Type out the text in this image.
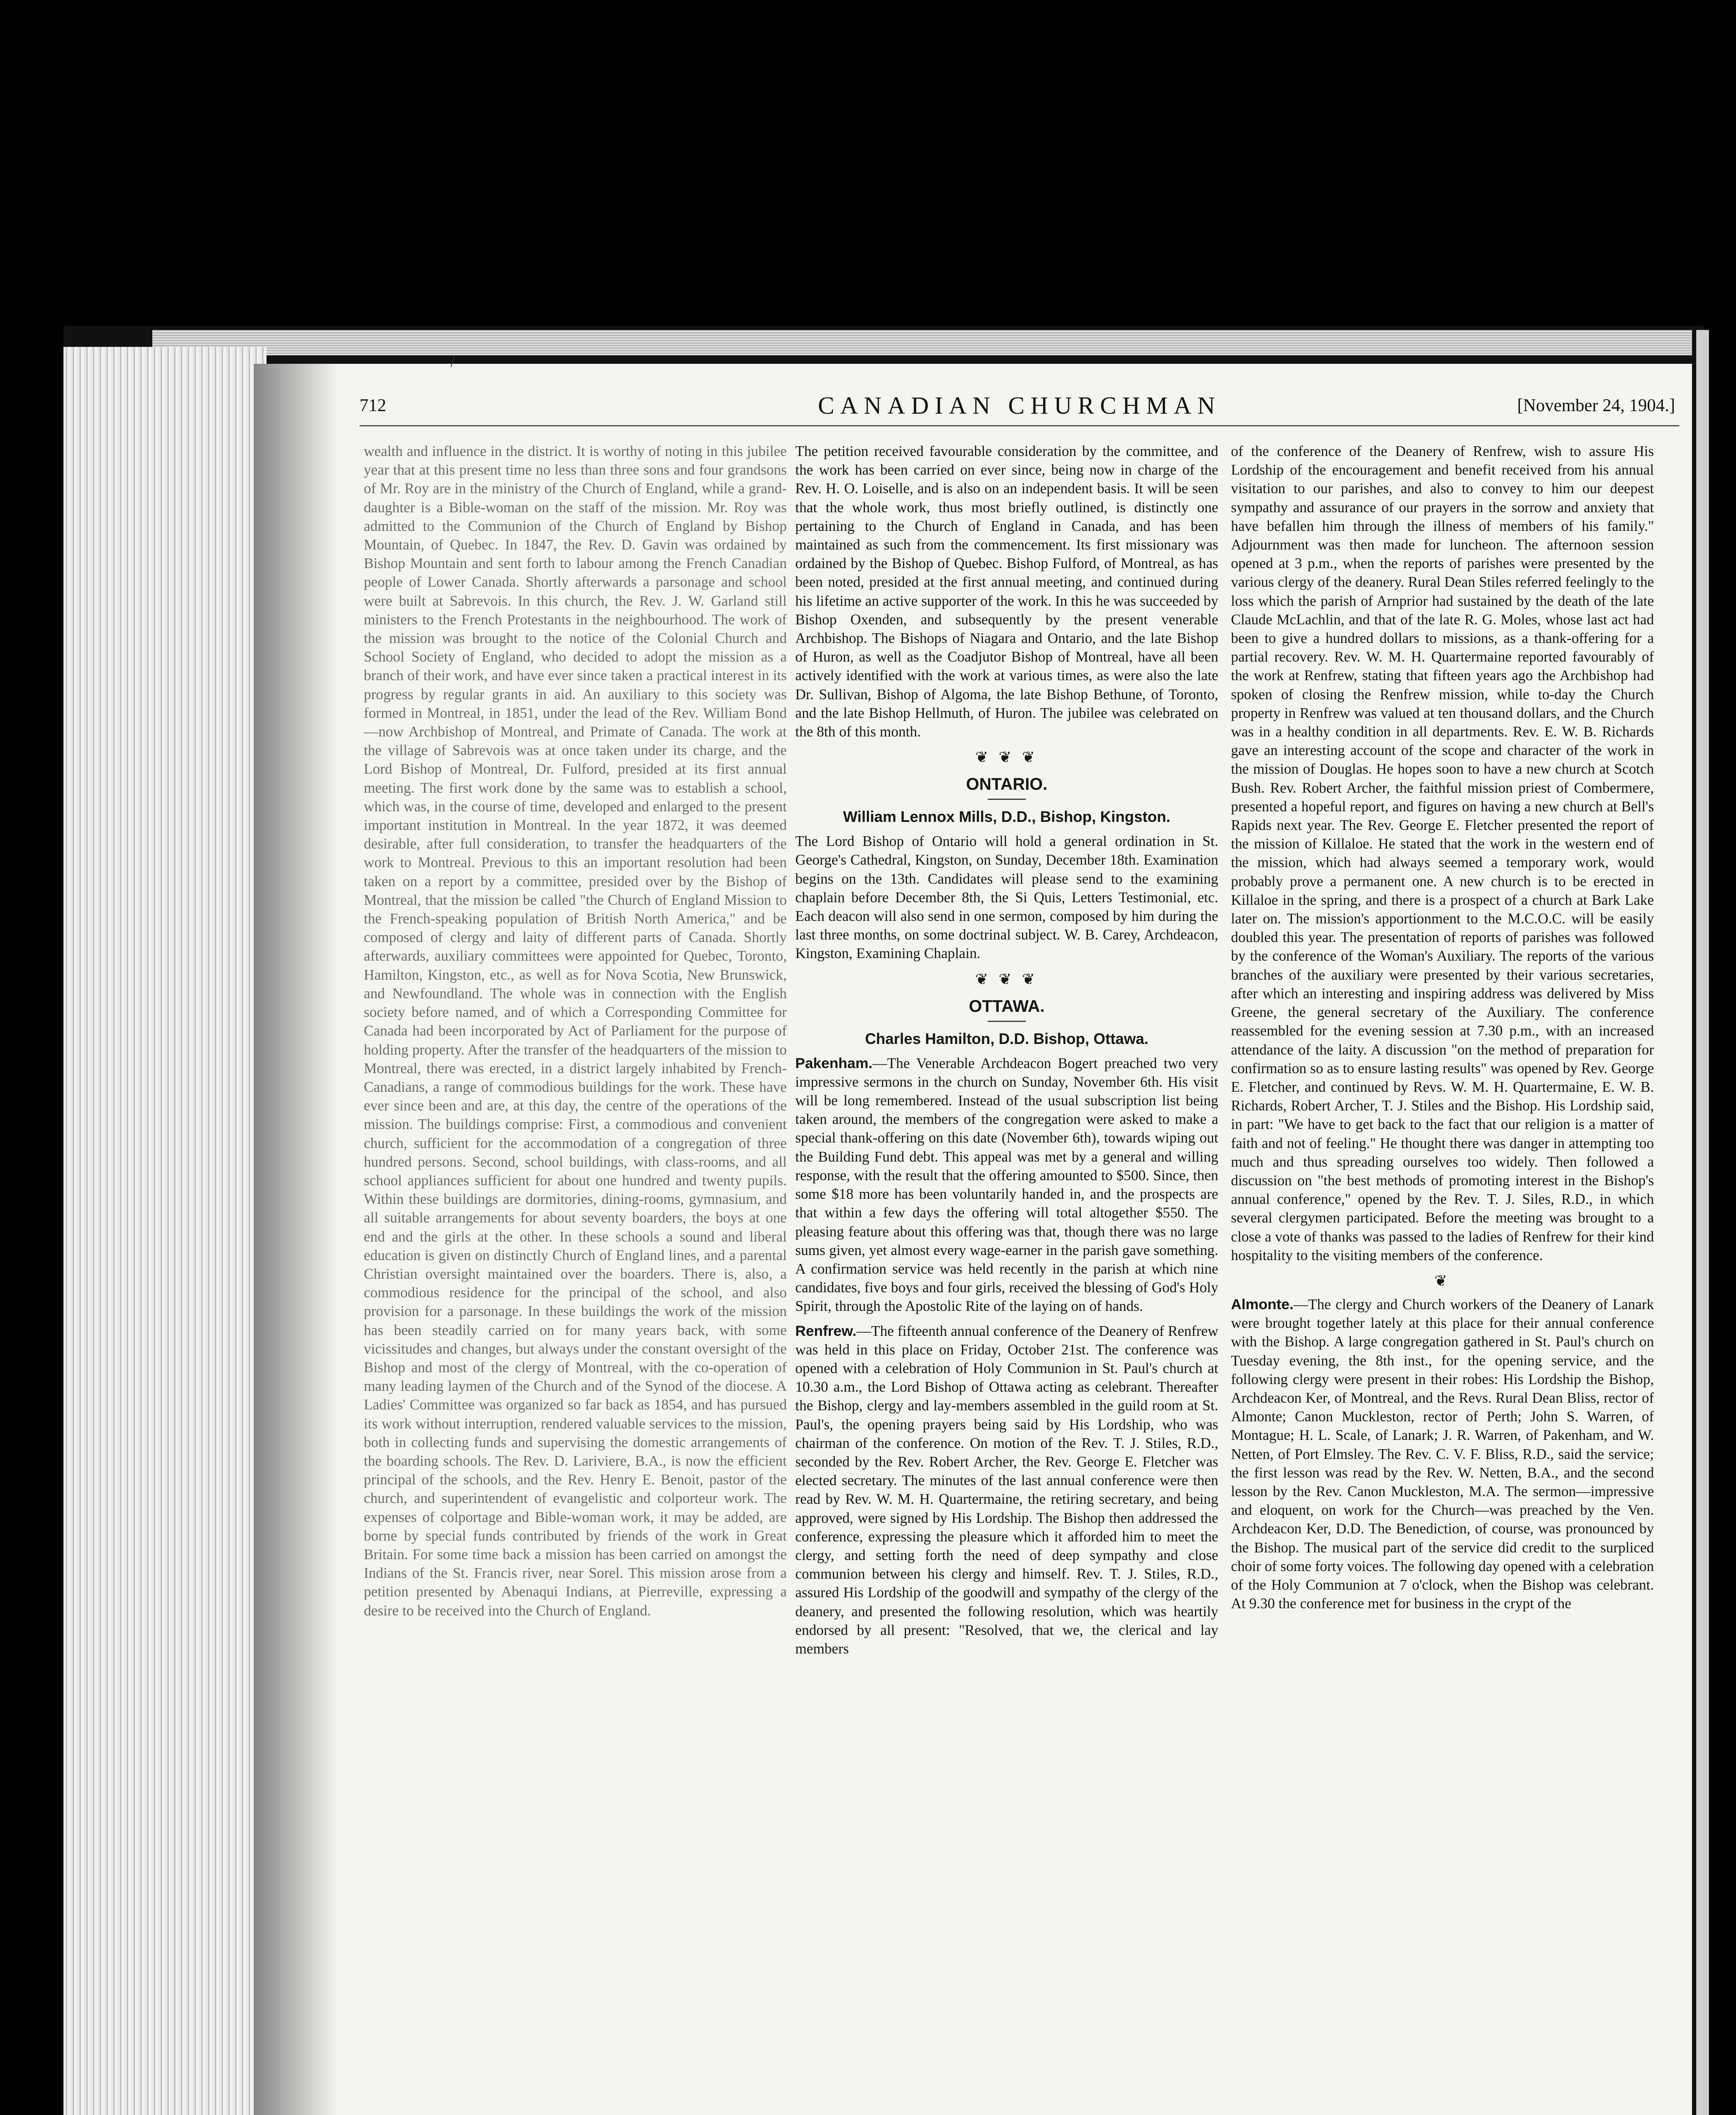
/
712	CANADIAN CHURCHMAN	[November 24, 1904.]

wealth and influence in the district. It is worthy of noting in this jubilee year that at this present time no less than three sons and four grandsons of Mr. Roy are in the ministry of the Church of England, while a grand-daughter is a Bible-woman on the staff of the mission. Mr. Roy was admitted to the Communion of the Church of England by Bishop Mountain, of Quebec. In 1847, the Rev. D. Gavin was ordained by Bishop Mountain and sent forth to labour among the French Canadian people of Lower Canada. Shortly afterwards a parsonage and school were built at Sabrevois. In this church, the Rev. J. W. Garland still ministers to the French Protestants in the neighbourhood. The work of the mission was brought to the notice of the Colonial Church and School Society of England, who decided to adopt the mission as a branch of their work, and have ever since taken a practical interest in its progress by regular grants in aid. An auxiliary to this society was formed in Montreal, in 1851, under the lead of the Rev. William Bond—now Archbishop of Montreal, and Primate of Canada. The work at the village of Sabrevois was at once taken under its charge, and the Lord Bishop of Montreal, Dr. Fulford, presided at its first annual meeting. The first work done by the same was to establish a school, which was, in the course of time, developed and enlarged to the present important institution in Montreal. In the year 1872, it was deemed desirable, after full consideration, to transfer the headquarters of the work to Montreal. Previous to this an important resolution had been taken on a report by a committee, presided over by the Bishop of Montreal, that the mission be called "the Church of England Mission to the French-speaking population of British North America," and be composed of clergy and laity of different parts of Canada. Shortly afterwards, auxiliary committees were appointed for Quebec, Toronto, Hamilton, Kingston, etc., as well as for Nova Scotia, New Brunswick, and Newfoundland. The whole was in connection with the English society before named, and of which a Corresponding Committee for Canada had been incorporated by Act of Parliament for the purpose of holding property. After the transfer of the headquarters of the mission to Montreal, there was erected, in a district largely inhabited by French-Canadians, a range of commodious buildings for the work. These have ever since been and are, at this day, the centre of the operations of the mission. The buildings comprise: First, a commodious and convenient church, sufficient for the accommodation of a congregation of three hundred persons. Second, school buildings, with class-rooms, and all school appliances sufficient for about one hundred and twenty pupils. Within these buildings are dormitories, dining-rooms, gymnasium, and all suitable arrangements for about seventy boarders, the boys at one end and the girls at the other. In these schools a sound and liberal education is given on distinctly Church of England lines, and a parental Christian oversight maintained over the boarders. There is, also, a commodious residence for the principal of the school, and also provision for a parsonage. In these buildings the work of the mission has been steadily carried on for many years back, with some vicissitudes and changes, but always under the constant oversight of the Bishop and most of the clergy of Montreal, with the co-operation of many leading laymen of the Church and of the Synod of the diocese. A Ladies' Committee was organized so far back as 1854, and has pursued its work without interruption, rendered valuable services to the mission, both in collecting funds and supervising the domestic arrangements of the boarding schools. The Rev. D. Lariviere, B.A., is now the efficient principal of the schools, and the Rev. Henry E. Benoit, pastor of the church, and superintendent of evangelistic and colporteur work. The expenses of colportage and Bible-woman work, it may be added, are borne by special funds contributed by friends of the work in Great Britain. For some time back a mission has been carried on amongst the Indians of the St. Francis river, near Sorel. This mission arose from a petition presented by Abenaqui Indians, at Pierreville, expressing a desire to be received into the Church of England.

The petition received favourable consideration by the committee, and the work has been carried on ever since, being now in charge of the Rev. H. O. Loiselle, and is also on an independent basis. It will be seen that the whole work, thus most briefly outlined, is distinctly one pertaining to the Church of England in Canada, and has been maintained as such from the commencement. Its first missionary was ordained by the Bishop of Quebec. Bishop Fulford, of Montreal, as has been noted, presided at the first annual meeting, and continued during his lifetime an active supporter of the work. In this he was succeeded by Bishop Oxenden, and subsequently by the present venerable Archbishop. The Bishops of Niagara and Ontario, and the late Bishop of Huron, as well as the Coadjutor Bishop of Montreal, have all been actively identified with the work at various times, as were also the late Dr. Sullivan, Bishop of Algoma, the late Bishop Bethune, of Toronto, and the late Bishop Hellmuth, of Huron. The jubilee was celebrated on the 8th of this month.

❦ ❦ ❦
ONTARIO.
William Lennox Mills, D.D., Bishop, Kingston.

The Lord Bishop of Ontario will hold a general ordination in St. George's Cathedral, Kingston, on Sunday, December 18th. Examination begins on the 13th. Candidates will please send to the examining chaplain before December 8th, the Si Quis, Letters Testimonial, etc. Each deacon will also send in one sermon, composed by him during the last three months, on some doctrinal subject. W. B. Carey, Archdeacon, Kingston, Examining Chaplain.

❦ ❦ ❦
OTTAWA.
Charles Hamilton, D.D. Bishop, Ottawa.

Pakenham.—The Venerable Archdeacon Bogert preached two very impressive sermons in the church on Sunday, November 6th. His visit will be long remembered. Instead of the usual subscription list being taken around, the members of the congregation were asked to make a special thank-offering on this date (November 6th), towards wiping out the Building Fund debt. This appeal was met by a general and willing response, with the result that the offering amounted to $500. Since, then some $18 more has been voluntarily handed in, and the prospects are that within a few days the offering will total altogether $550. The pleasing feature about this offering was that, though there was no large sums given, yet almost every wage-earner in the parish gave something. A confirmation service was held recently in the parish at which nine candidates, five boys and four girls, received the blessing of God's Holy Spirit, through the Apostolic Rite of the laying on of hands.

Renfrew.—The fifteenth annual conference of the Deanery of Renfrew was held in this place on Friday, October 21st. The conference was opened with a celebration of Holy Communion in St. Paul's church at 10.30 a.m., the Lord Bishop of Ottawa acting as celebrant. Thereafter the Bishop, clergy and lay-members assembled in the guild room at St. Paul's, the opening prayers being said by His Lordship, who was chairman of the conference. On motion of the Rev. T. J. Stiles, R.D., seconded by the Rev. Robert Archer, the Rev. George E. Fletcher was elected secretary. The minutes of the last annual conference were then read by Rev. W. M. H. Quartermaine, the retiring secretary, and being approved, were signed by His Lordship. The Bishop then addressed the conference, expressing the pleasure which it afforded him to meet the clergy, and setting forth the need of deep sympathy and close communion between his clergy and himself. Rev. T. J. Stiles, R.D., assured His Lordship of the goodwill and sympathy of the clergy of the deanery, and presented the following resolution, which was heartily endorsed by all present: "Resolved, that we, the clerical and lay members

of the conference of the Deanery of Renfrew, wish to assure His Lordship of the encouragement and benefit received from his annual visitation to our parishes, and also to convey to him our deepest sympathy and assurance of our prayers in the sorrow and anxiety that have befallen him through the illness of members of his family." Adjournment was then made for luncheon. The afternoon session opened at 3 p.m., when the reports of parishes were presented by the various clergy of the deanery. Rural Dean Stiles referred feelingly to the loss which the parish of Arnprior had sustained by the death of the late Claude McLachlin, and that of the late R. G. Moles, whose last act had been to give a hundred dollars to missions, as a thank-offering for a partial recovery. Rev. W. M. H. Quartermaine reported favourably of the work at Renfrew, stating that fifteen years ago the Archbishop had spoken of closing the Renfrew mission, while to-day the Church property in Renfrew was valued at ten thousand dollars, and the Church was in a healthy condition in all departments. Rev. E. W. B. Richards gave an interesting account of the scope and character of the work in the mission of Douglas. He hopes soon to have a new church at Scotch Bush. Rev. Robert Archer, the faithful mission priest of Combermere, presented a hopeful report, and figures on having a new church at Bell's Rapids next year. The Rev. George E. Fletcher presented the report of the mission of Killaloe. He stated that the work in the western end of the mission, which had always seemed a temporary work, would probably prove a permanent one. A new church is to be erected in Killaloe in the spring, and there is a prospect of a church at Bark Lake later on. The mission's apportionment to the M.C.O.C. will be easily doubled this year. The presentation of reports of parishes was followed by the conference of the Woman's Auxiliary. The reports of the various branches of the auxiliary were presented by their various secretaries, after which an interesting and inspiring address was delivered by Miss Greene, the general secretary of the Auxiliary. The conference reassembled for the evening session at 7.30 p.m., with an increased attendance of the laity. A discussion "on the method of preparation for confirmation so as to ensure lasting results" was opened by Rev. George E. Fletcher, and continued by Revs. W. M. H. Quartermaine, E. W. B. Richards, Robert Archer, T. J. Stiles and the Bishop. His Lordship said, in part: "We have to get back to the fact that our religion is a matter of faith and not of feeling." He thought there was danger in attempting too much and thus spreading ourselves too widely. Then followed a discussion on "the best methods of promoting interest in the Bishop's annual conference," opened by the Rev. T. J. Siles, R.D., in which several clergymen participated. Before the meeting was brought to a close a vote of thanks was passed to the ladies of Renfrew for their kind hospitality to the visiting members of the conference.

❦

Almonte.—The clergy and Church workers of the Deanery of Lanark were brought together lately at this place for their annual conference with the Bishop. A large congregation gathered in St. Paul's church on Tuesday evening, the 8th inst., for the opening service, and the following clergy were present in their robes: His Lordship the Bishop, Archdeacon Ker, of Montreal, and the Revs. Rural Dean Bliss, rector of Almonte; Canon Muckleston, rector of Perth; John S. Warren, of Montague; H. L. Scale, of Lanark; J. R. Warren, of Pakenham, and W. Netten, of Port Elmsley. The Rev. C. V. F. Bliss, R.D., said the service; the first lesson was read by the Rev. W. Netten, B.A., and the second lesson by the Rev. Canon Muckleston, M.A. The sermon—impressive and eloquent, on work for the Church—was preached by the Ven. Archdeacon Ker, D.D. The Benediction, of course, was pronounced by the Bishop. The musical part of the service did credit to the surpliced choir of some forty voices. The following day opened with a celebration of the Holy Communion at 7 o'clock, when the Bishop was celebrant. At 9.30 the conference met for business in the crypt of the
